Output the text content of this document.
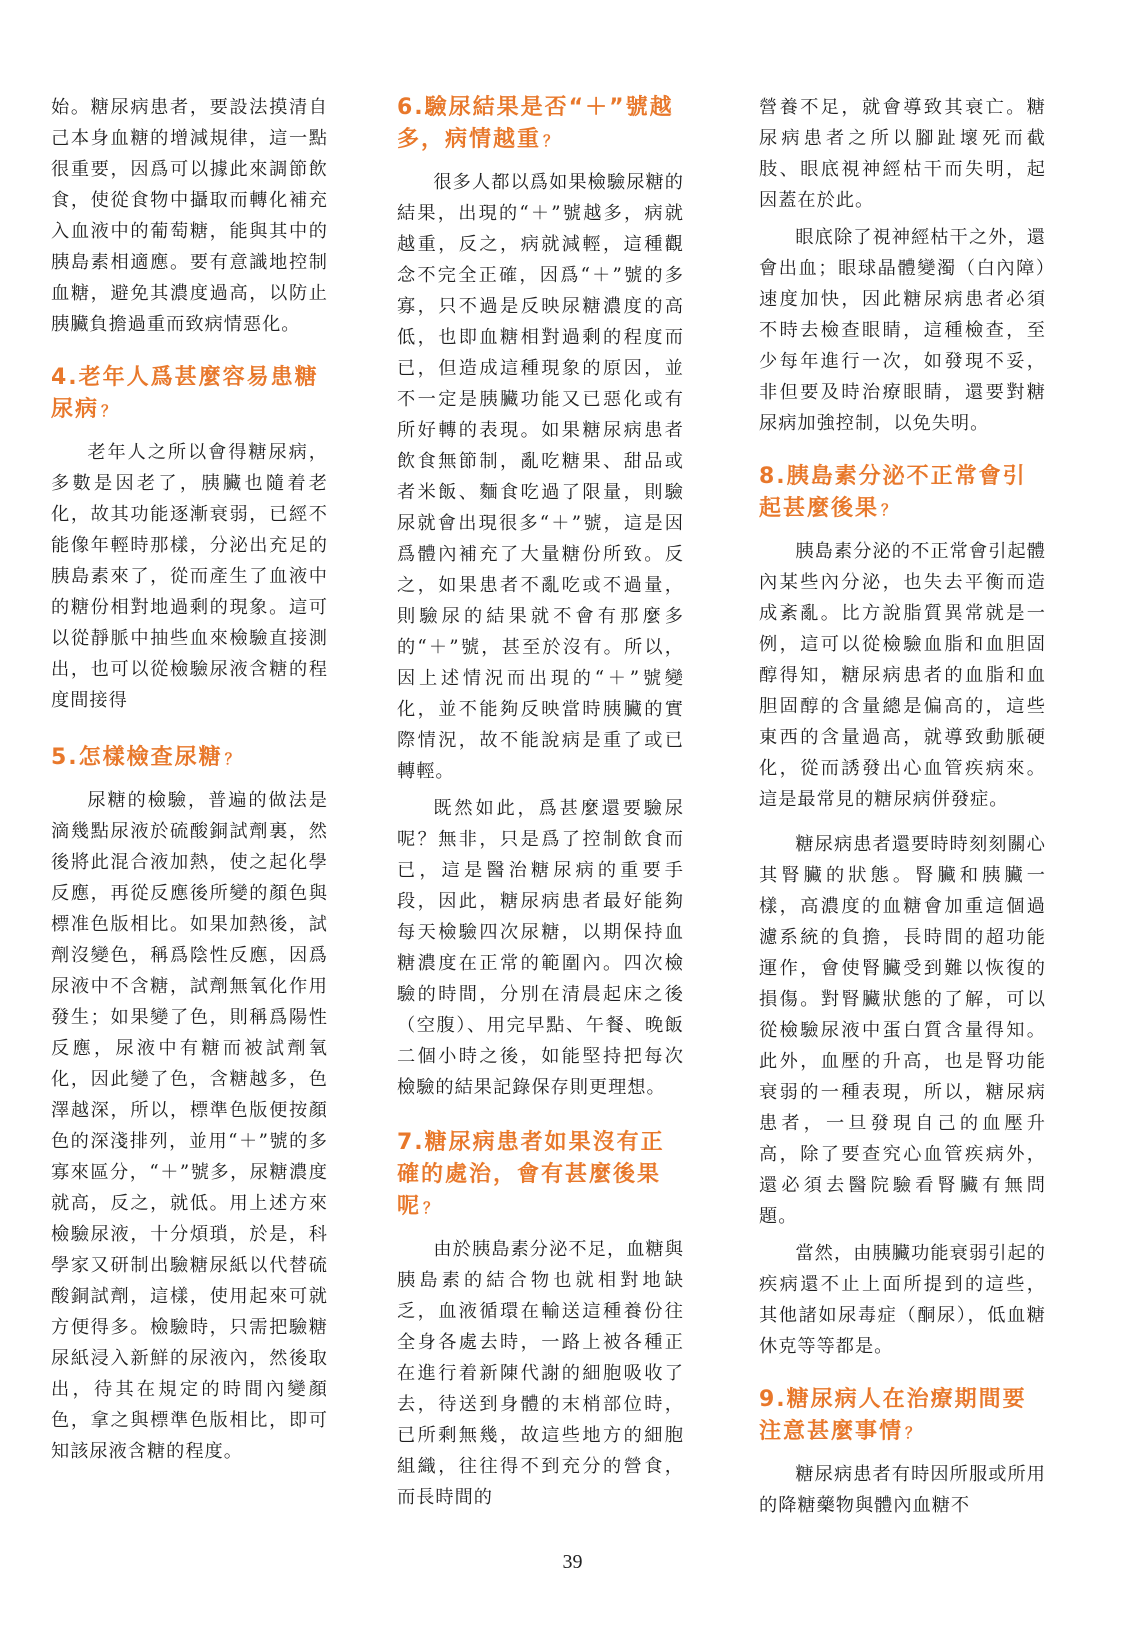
始。糖尿病患者，要設法摸清自己本身血糖的增減規律，這一點很重要，因爲可以據此來調節飲食，使從食物中攝取而轉化補充入血液中的葡萄糖，能與其中的胰島素相適應。要有意識地控制血糖，避免其濃度過高，以防止胰臟負擔過重而致病情惡化。

4.老年人爲甚麼容易患糖尿病 ？

老年人之所以會得糖尿病，多數是因老了，胰臟也隨着老化，故其功能逐漸衰弱，已經不能像年輕時那樣，分泌出充足的胰島素來了，從而產生了血液中的糖份相對地過剩的現象。這可以從靜脈中抽些血來檢驗直接測出，也可以從檢驗尿液含糖的程度間接得

5.怎樣檢查尿糖 ？

尿糖的檢驗，普遍的做法是滴幾點尿液於硫酸銅試劑裏，然後將此混合液加熱，使之起化學反應，再從反應後所變的顏色與標准色版相比。如果加熱後，試劑沒變色，稱爲陰性反應，因爲尿液中不含糖，試劑無氧化作用發生；如果變了色，則稱爲陽性反應，尿液中有糖而被試劑氧化，因此變了色，含糖越多，色澤越深，所以，標準色版便按顏色的深淺排列，並用“＋”號的多寡來區分，“＋”號多，尿糖濃度就高，反之，就低。用上述方來檢驗尿液，十分煩瑣，於是，科學家又研制出驗糖尿紙以代替硫酸銅試劑，這樣，使用起來可就方便得多。檢驗時，只需把驗糖尿紙浸入新鮮的尿液內，然後取出，待其在規定的時間內變顏色，拿之與標準色版相比，即可知該尿液含糖的程度。

6.驗尿結果是否“＋”號越多，病情越重 ？

很多人都以爲如果檢驗尿糖的結果，出現的“＋”號越多，病就越重，反之，病就減輕，這種觀念不完全正確，因爲“＋”號的多寡，只不過是反映尿糖濃度的高低，也即血糖相對過剩的程度而已，但造成這種現象的原因，並不一定是胰臟功能又已惡化或有所好轉的表現。如果糖尿病患者飲食無節制，亂吃糖果、甜品或者米飯、麵食吃過了限量，則驗尿就會出現很多“＋”號，這是因爲體內補充了大量糖份所致。反之，如果患者不亂吃或不過量，則驗尿的結果就不會有那麼多的“＋”號，甚至於沒有。所以，因上述情況而出現的“＋”號變化，並不能夠反映當時胰臟的實際情況，故不能說病是重了或已轉輕。

既然如此，爲甚麼還要驗尿呢？無非，只是爲了控制飲食而已，這是醫治糖尿病的重要手段，因此，糖尿病患者最好能夠每天檢驗四次尿糖，以期保持血糖濃度在正常的範圍內。四次檢驗的時間，分別在清晨起床之後（空腹）、用完早點、午餐、晚飯二個小時之後，如能堅持把每次檢驗的結果記錄保存則更理想。

7.糖尿病患者如果沒有正確的處治，會有甚麼後果呢 ？

由於胰島素分泌不足，血糖與胰島素的結合物也就相對地缺乏，血液循環在輸送這種養份往全身各處去時，一路上被各種正在進行着新陳代謝的細胞吸收了去，待送到身體的末梢部位時，已所剩無幾，故這些地方的細胞組織，往往得不到充分的營食，而長時間的

營養不足，就會導致其衰亡。糖尿病患者之所以腳趾壞死而截肢、眼底視神經枯干而失明，起因蓋在於此。

眼底除了視神經枯干之外，還會出血；眼球晶體變濁（白內障）速度加快，因此糖尿病患者必須不時去檢查眼睛，這種檢查，至少每年進行一次，如發現不妥，非但要及時治療眼睛，還要對糖尿病加強控制，以免失明。

8.胰島素分泌不正常會引起甚麼後果 ？

胰島素分泌的不正常會引起體內某些內分泌，也失去平衡而造成紊亂。比方說脂質異常就是一例，這可以從檢驗血脂和血胆固醇得知，糖尿病患者的血脂和血胆固醇的含量總是偏高的，這些東西的含量過高，就導致動脈硬化，從而誘發出心血管疾病來。這是最常見的糖尿病併發症。

糖尿病患者還要時時刻刻關心其腎臟的狀態。腎臟和胰臟一樣，高濃度的血糖會加重這個過濾系統的負擔，長時間的超功能運作，會使腎臟受到難以恢復的損傷。對腎臟狀態的了解，可以從檢驗尿液中蛋白質含量得知。此外，血壓的升高，也是腎功能衰弱的一種表現，所以，糖尿病患者，一旦發現自己的血壓升高，除了要查究心血管疾病外，還必須去醫院驗看腎臟有無問題。

當然，由胰臟功能衰弱引起的疾病還不止上面所提到的這些，其他諸如尿毒症（酮尿），低血糖休克等等都是。

9.糖尿病人在治療期間要注意甚麼事情 ？

糖尿病患者有時因所服或所用的降糖藥物與體內血糖不

39
